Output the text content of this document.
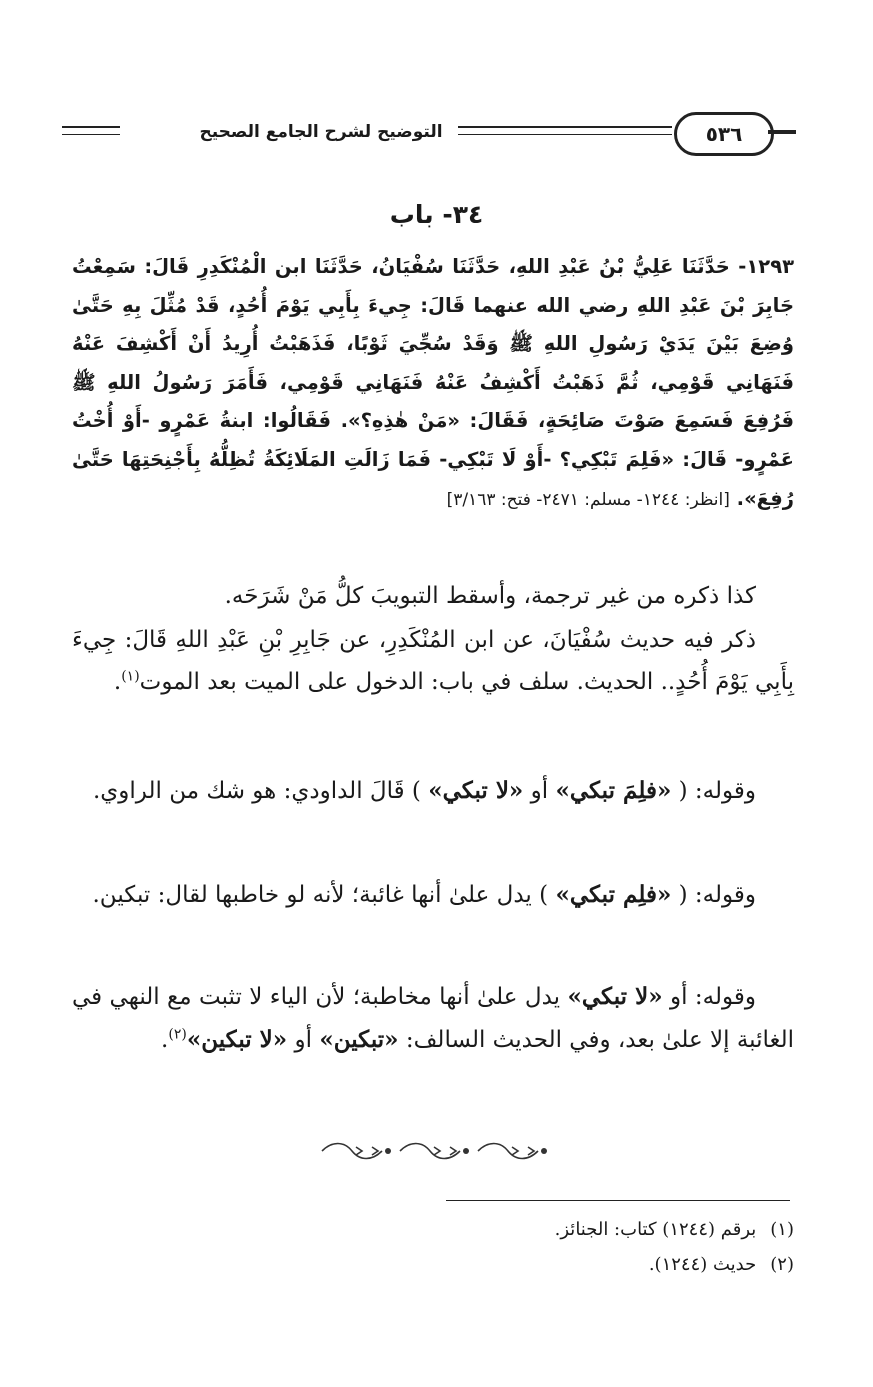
التوضيح لشرح الجامع الصحيح	٥٣٦
٣٤- باب
١٢٩٣- حَدَّثَنَا عَلِيُّ بْنُ عَبْدِ اللهِ، حَدَّثَنَا سُفْيَانُ، حَدَّثَنَا ابن الْمُنْكَدِرِ قَالَ: سَمِعْتُ جَابِرَ بْنَ عَبْدِ اللهِ رضي الله عنهما قَالَ: جِيءَ بِأَبِي يَوْمَ أُحُدٍ، قَدْ مُثِّلَ بِهِ حَتَّىٰ وُضِعَ بَيْنَ يَدَيْ رَسُولِ اللهِ ﷺ وَقَدْ سُجِّيَ ثَوْبًا، فَذَهَبْتُ أُرِيدُ أَنْ أَكْشِفَ عَنْهُ فَنَهَانِي قَوْمِي، ثُمَّ ذَهَبْتُ أَكْشِفُ عَنْهُ فَنَهَانِي قَوْمِي، فَأَمَرَ رَسُولُ اللهِ ﷺ فَرُفِعَ فَسَمِعَ صَوْتَ صَائِحَةٍ، فَقَالَ: «مَنْ هٰذِهِ؟». فَقَالُوا: ابنةُ عَمْرٍو -أَوْ أُخْتُ عَمْرٍو- قَالَ: «فَلِمَ تَبْكِي؟ -أَوْ لَا تَبْكِي- فَمَا زَالَتِ المَلَائِكَةُ تُظِلُّهُ بِأَجْنِحَتِهَا حَتَّىٰ رُفِعَ». [انظر: ١٢٤٤- مسلم: ٢٤٧١- فتح: ٣/١٦٣]
كذا ذكره من غير ترجمة، وأسقط التبويبَ كلُّ مَنْ شَرَحَه.
ذكر فيه حديث سُفْيَانَ، عن ابن المُنْكَدِرِ، عن جَابِرِ بْنِ عَبْدِ اللهِ قَالَ: جِيءَ بِأَبِي يَوْمَ أُحُدٍ.. الحديث. سلف في باب: الدخول على الميت بعد الموت$^{(١)}$.
وقوله: ( «فلِمَ تبكي» أو «لا تبكي» ) قَالَ الداودي: هو شك من الراوي.
وقوله: ( «فلِم تبكي» ) يدل علىٰ أنها غائبة؛ لأنه لو خاطبها لقال: تبكين.
وقوله: أو «لا تبكي» يدل علىٰ أنها مخاطبة؛ لأن الياء لا تثبت مع النهي في الغائبة إلا علىٰ بعد، وفي الحديث السالف: «تبكين» أو «لا تبكين»$^{(٢)}$.
(١)برقم (١٢٤٤) كتاب: الجنائز.
(٢)حديث (١٢٤٤).
